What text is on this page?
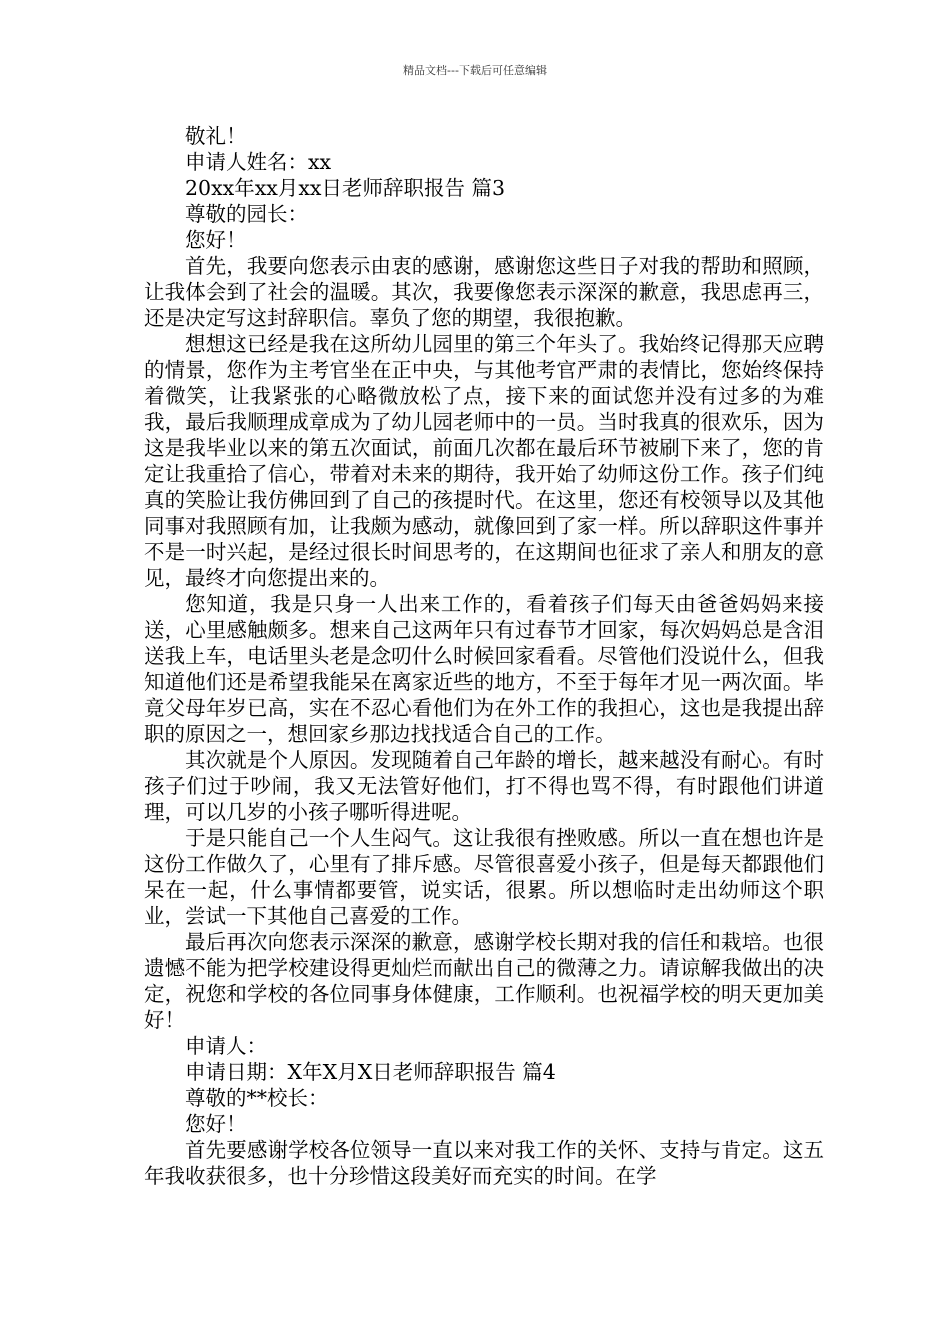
精品文档---下载后可任意编辑
敬礼！
申请人姓名：xx
20xx年xx月xx日老师辞职报告 篇3
尊敬的园长：
您好！

首先，我要向您表示由衷的感谢，感谢您这些日子对我的帮助和照顾，让我体会到了社会的温暖。其次，我要像您表示深深的歉意，我思虑再三，还是决定写这封辞职信。辜负了您的期望，我很抱歉。

想想这已经是我在这所幼儿园里的第三个年头了。我始终记得那天应聘的情景，您作为主考官坐在正中央，与其他考官严肃的表情比，您始终保持着微笑，让我紧张的心略微放松了点，接下来的面试您并没有过多的为难我，最后我顺理成章成为了幼儿园老师中的一员。当时我真的很欢乐，因为这是我毕业以来的第五次面试，前面几次都在最后环节被刷下来了，您的肯定让我重拾了信心，带着对未来的期待，我开始了幼师这份工作。孩子们纯真的笑脸让我仿佛回到了自己的孩提时代。在这里，您还有校领导以及其他同事对我照顾有加，让我颇为感动，就像回到了家一样。所以辞职这件事并不是一时兴起，是经过很长时间思考的，在这期间也征求了亲人和朋友的意见，最终才向您提出来的。

您知道，我是只身一人出来工作的，看着孩子们每天由爸爸妈妈来接送，心里感触颇多。想来自己这两年只有过春节才回家，每次妈妈总是含泪送我上车，电话里头老是念叨什么时候回家看看。尽管他们没说什么，但我知道他们还是希望我能呆在离家近些的地方，不至于每年才见一两次面。毕竟父母年岁已高，实在不忍心看他们为在外工作的我担心，这也是我提出辞职的原因之一，想回家乡那边找找适合自己的工作。

其次就是个人原因。发现随着自己年龄的增长，越来越没有耐心。有时孩子们过于吵闹，我又无法管好他们，打不得也骂不得，有时跟他们讲道理，可以几岁的小孩子哪听得进呢。

于是只能自己一个人生闷气。这让我很有挫败感。所以一直在想也许是这份工作做久了，心里有了排斥感。尽管很喜爱小孩子，但是每天都跟他们呆在一起，什么事情都要管，说实话，很累。所以想临时走出幼师这个职业，尝试一下其他自己喜爱的工作。

最后再次向您表示深深的歉意，感谢学校长期对我的信任和栽培。也很遗憾不能为把学校建设得更灿烂而献出自己的微薄之力。请谅解我做出的决定，祝您和学校的各位同事身体健康，工作顺利。也祝福学校的明天更加美好！

申请人：
申请日期：X年X月X日老师辞职报告 篇4
尊敬的**校长：
您好！

首先要感谢学校各位领导一直以来对我工作的关怀、支持与肯定。这五年我收获很多，也十分珍惜这段美好而充实的时间。在学
